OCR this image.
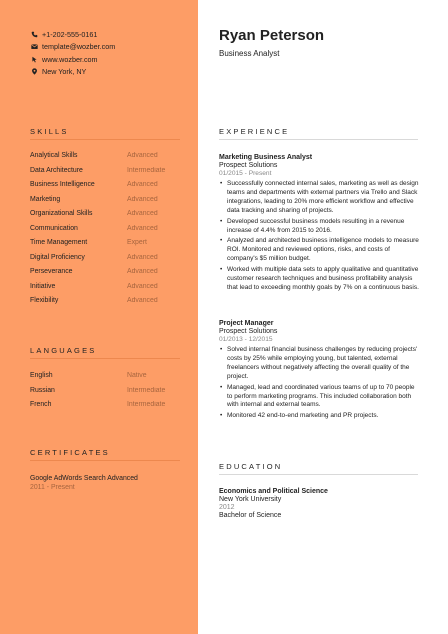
+1-202-555-0161
template@wozber.com
www.wozber.com
New York, NY
SKILLS
Analytical Skills	Advanced
Data Architecture	Intermediate
Business Intelligence	Advanced
Marketing	Advanced
Organizational Skills	Advanced
Communication	Advanced
Time Management	Expert
Digital Proficiency	Advanced
Perseverance	Advanced
Initiative	Advanced
Flexibility	Advanced
LANGUAGES
English	Native
Russian	Intermediate
French	Intermediate
CERTIFICATES
Google AdWords Search Advanced
2011 - Present
Ryan Peterson
Business Analyst
EXPERIENCE
Marketing Business Analyst
Prospect Solutions
01/2015 - Present
• Successfully connected internal sales, marketing as well as design teams and departments with external partners via Trello and Slack integrations, leading to 20% more efficient workflow and effective data tracking and sharing of projects.
• Developed successful business models resulting in a revenue increase of 4.4% from 2015 to 2016.
• Analyzed and architected business intelligence models to measure ROI. Monitored and reviewed options, risks, and costs of company's $5 million budget.
• Worked with multiple data sets to apply qualitative and quantitative customer research techniques and business profitability analysis that lead to exceeding monthly goals by 7% on a continuous basis.
Project Manager
Prospect Solutions
01/2013 - 12/2015
• Solved internal financial business challenges by reducing projects' costs by 25% while employing young, but talented, external freelancers without negatively affecting the overall quality of the project.
• Managed, lead and coordinated various teams of up to 70 people to perform marketing programs. This included collaboration both with internal and external teams.
• Monitored 42 end-to-end marketing and PR projects.
EDUCATION
Economics and Political Science
New York University
2012
Bachelor of Science
